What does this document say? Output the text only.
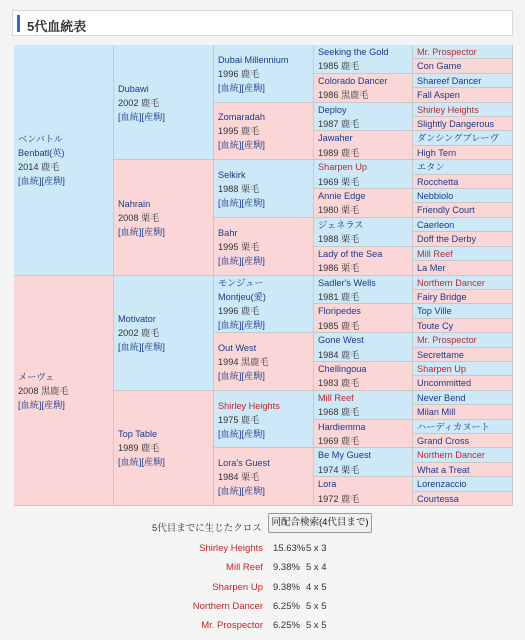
5代血統表
ベンバトル
Benbatl(英)
2014 鹿毛
[血統][産駒]
メーヴェ
2008 黒鹿毛
[血統][産駒]
Dubawi
2002 鹿毛
[血統][産駒]
Nahrain
2008 栗毛
[血統][産駒]
Motivator
2002 鹿毛
[血統][産駒]
Top Table
1989 鹿毛
[血統][産駒]
Dubai Millennium
1996 鹿毛
[血統][産駒]
Zomaradah
1995 鹿毛
[血統][産駒]
Selkirk
1988 栗毛
[血統][産駒]
Bahr
1995 栗毛
[血統][産駒]
モンジュー
Montjeu(愛)
1996 鹿毛
[血統][産駒]
Out West
1994 黒鹿毛
[血統][産駒]
Shirley Heights
1975 鹿毛
[血統][産駒]
Lora's Guest
1984 栗毛
[血統][産駒]
Seeking the Gold
1985 鹿毛
Colorado Dancer
1986 黒鹿毛
Deploy
1987 鹿毛
Jawaher
1989 鹿毛
Sharpen Up
1969 栗毛
Annie Edge
1980 栗毛
ジェネラス
1988 栗毛
Lady of the Sea
1986 栗毛
Sadler's Wells
1981 鹿毛
Floripedes
1985 鹿毛
Gone West
1984 鹿毛
Chellingoua
1983 鹿毛
Mill Reef
1968 鹿毛
Hardiemma
1969 鹿毛
Be My Guest
1974 栗毛
Lora
1972 鹿毛
Mr. Prospector
Con Game
Shareef Dancer
Fall Aspen
Shirley Heights
Slightly Dangerous
ダンシングブレーヴ
High Tern
エタン
Rocchetta
Nebbiolo
Friendly Court
Caerleon
Doff the Derby
Mill Reef
La Mer
Northern Dancer
Fairy Bridge
Top Ville
Toute Cy
Mr. Prospector
Secrettame
Sharpen Up
Uncommitted
Never Bend
Milan Mill
ハーディカヌート
Grand Cross
Northern Dancer
What a Treat
Lorenzaccio
Courtessa
5代目までに生じたクロス
同配合検索(4代目まで)
Shirley Heights 15.63% 5 x 3
Mill Reef 9.38% 5 x 4
Sharpen Up 9.38% 4 x 5
Northern Dancer 6.25% 5 x 5
Mr. Prospector 6.25% 5 x 5
